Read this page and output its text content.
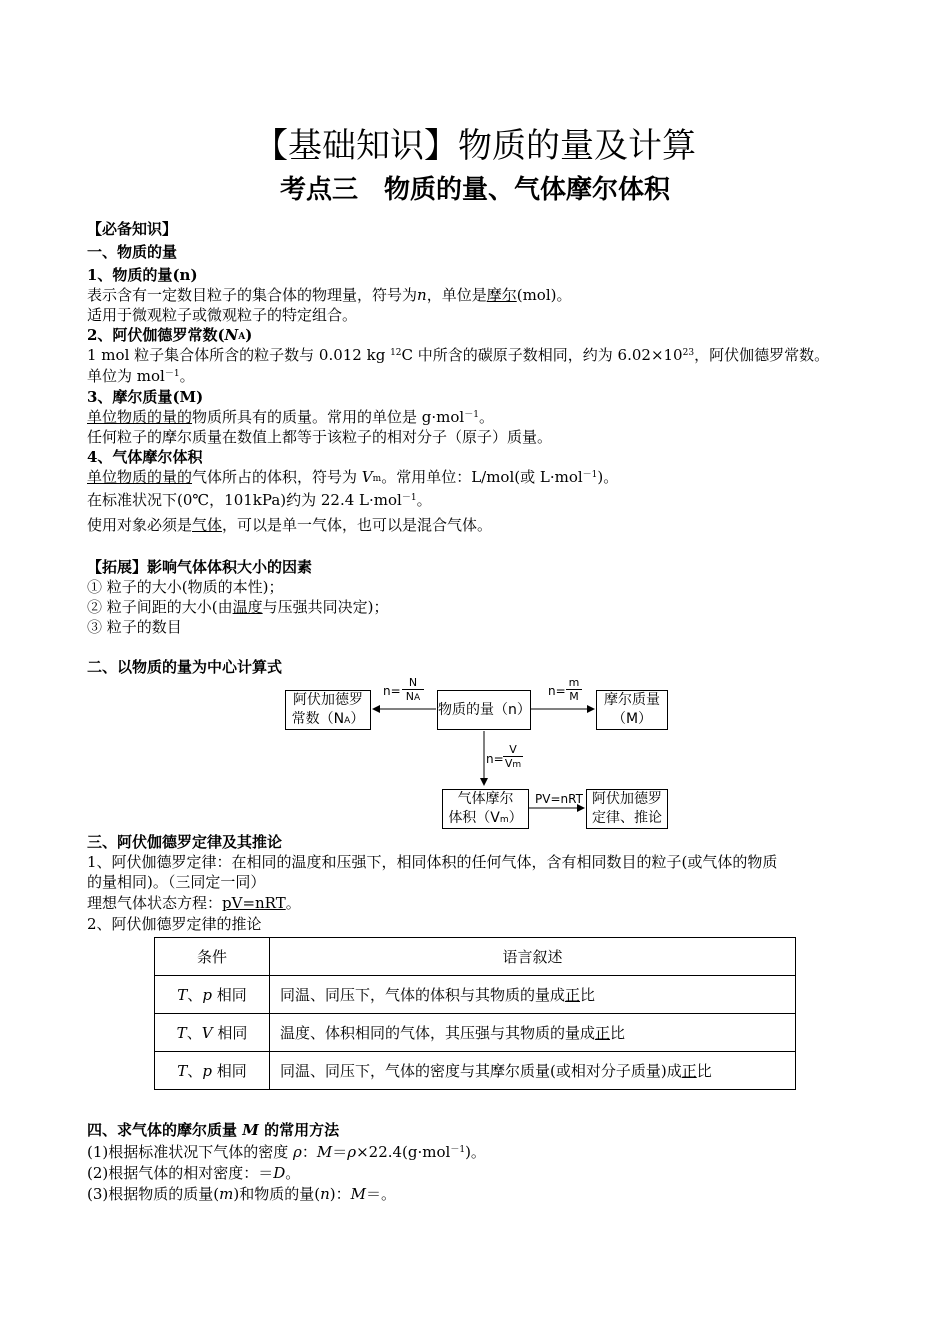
【基础知识】物质的量及计算
考点三　物质的量、气体摩尔体积
【必备知识】
一、物质的量
1、物质的量(n)
表示含有一定数目粒子的集合体的物理量，符号为n，单位是摩尔(mol)。
适用于微观粒子或微观粒子的特定组合。
2、阿伏伽德罗常数(NA)
1 mol 粒子集合体所含的粒子数与 0.012 kg $^{12}$C 中所含的碳原子数相同，约为 $6.02\times 10^{23}$，阿伏伽德罗常数。
单位为 mol$^{-1}$。
3、摩尔质量(M)
单位物质的量的物质所具有的质量。常用的单位是 g·mol$^{-1}$。
任何粒子的摩尔质量在数值上都等于该粒子的相对分子（原子）质量。
4、气体摩尔体积
单位物质的量的气体所占的体积，符号为 Vm。常用单位：L/mol(或 L·mol$^{-1}$)。
在标准状况下(0℃，101kPa)约为 22.4 L·mol$^{-1}$。
使用对象必须是气体，可以是单一气体，也可以是混合气体。
【拓展】影响气体体积大小的因素
① 粒子的大小(物质的本性)；
② 粒子间距的大小(由温度与压强共同决定)；
③ 粒子的数目
二、以物质的量为中心计算式
阿伏加德罗
常数（NA）
物质的量（n）
摩尔质量
（M）
气体摩尔
体积（Vm）
阿伏加德罗
定律、推论
$n= \frac{N}{NA}$	$n= \frac{m}{M}$
$n= \frac{V}{Vm}$
PV=nRT
三、阿伏伽德罗定律及其推论
1、阿伏伽德罗定律：在相同的温度和压强下，相同体积的任何气体，含有相同数目的粒子(或气体的物质
的量相同)。（三同定一同）
理想气体状态方程：pV=nRT。
2、阿伏伽德罗定律的推论
条件	语言叙述
T、p 相同	同温、同压下，气体的体积与其物质的量成正比
T、V 相同	温度、体积相同的气体，其压强与其物质的量成正比
T、p 相同	同温、同压下，气体的密度与其摩尔质量(或相对分子质量)成正比
四、求气体的摩尔质量 M 的常用方法
(1)根据标准状况下气体的密度 ρ：M＝ρ×22.4(g·mol$^{-1}$)。
(2)根据气体的相对密度：＝D。
(3)根据物质的质量(m)和物质的量(n)：M＝。
